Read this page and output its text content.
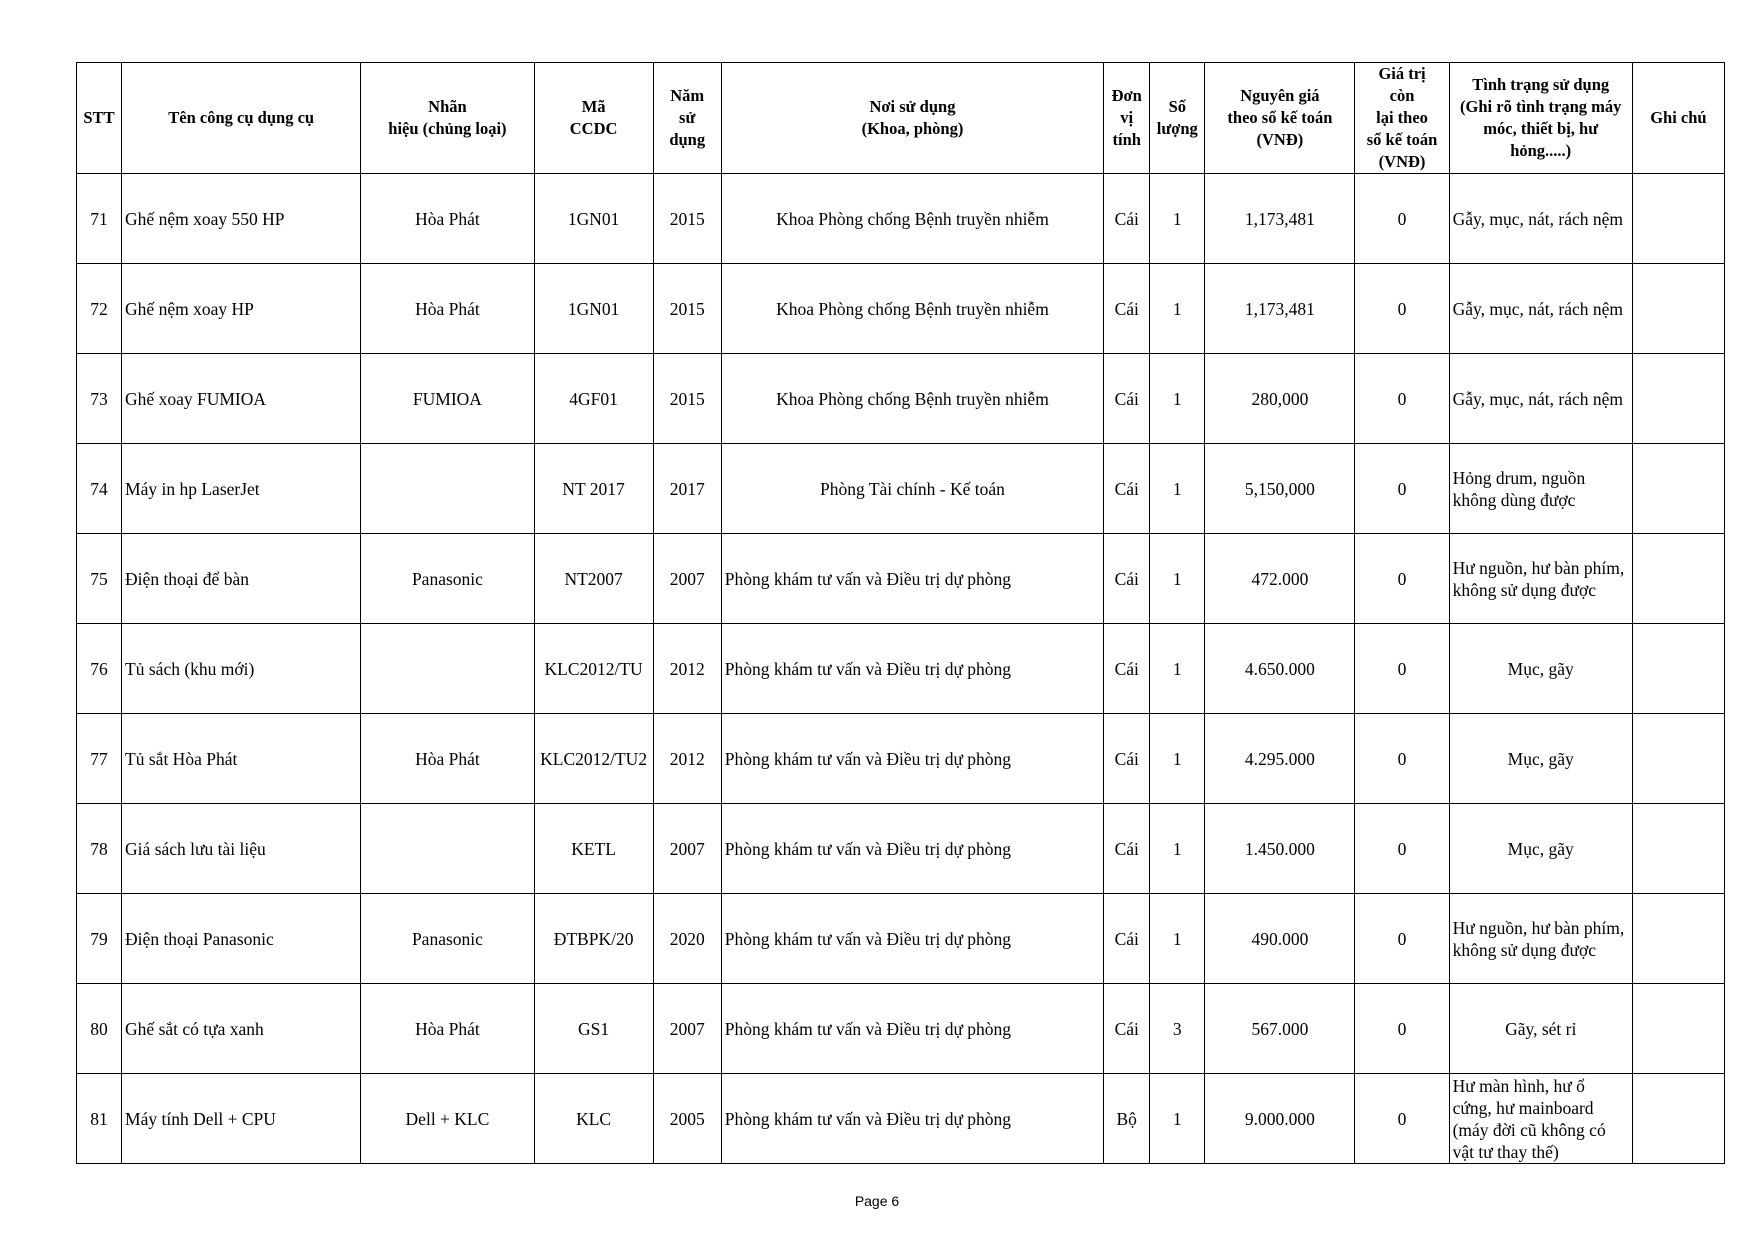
STT	Tên công cụ dụng cụ	Nhãn
hiệu (chủng loại)	Mã
CCDC	Năm
sử
dụng	Nơi sử dụng
(Khoa, phòng)	Đơn
vị
tính	Số
lượng	Nguyên giá
theo sổ kế toán
(VNĐ)	Giá trị
còn
lại theo
sổ kế toán
(VNĐ)	Tình trạng sử dụng
(Ghi rõ tình trạng máy
móc, thiết bị, hư
hỏng.....)	Ghi chú
71	Ghế nệm xoay 550 HP	Hòa Phát	1GN01	2015	Khoa Phòng chống Bệnh truyền nhiễm	Cái	1	1,173,481	0	Gẫy, mục, nát, rách nệm	
72	Ghế nệm xoay HP	Hòa Phát	1GN01	2015	Khoa Phòng chống Bệnh truyền nhiễm	Cái	1	1,173,481	0	Gẫy, mục, nát, rách nệm	
73	Ghế xoay FUMIOA	FUMIOA	4GF01	2015	Khoa Phòng chống Bệnh truyền nhiễm	Cái	1	280,000	0	Gẫy, mục, nát, rách nệm	
74	Máy in hp LaserJet		NT 2017	2017	Phòng Tài chính - Kế toán	Cái	1	5,150,000	0	Hỏng drum, nguồn
không dùng được	
75	Điện thoại để bàn	Panasonic	NT2007	2007	Phòng khám tư vấn và Điều trị dự phòng	Cái	1	472.000	0	Hư nguồn, hư bàn phím,
không sử dụng được	
76	Tủ sách (khu mới)		KLC2012/TU	2012	Phòng khám tư vấn và Điều trị dự phòng	Cái	1	4.650.000	0	Mục, gãy	
77	Tủ sắt Hòa Phát	Hòa Phát	KLC2012/TU2	2012	Phòng khám tư vấn và Điều trị dự phòng	Cái	1	4.295.000	0	Mục, gãy	
78	Giá sách lưu tài liệu		KETL	2007	Phòng khám tư vấn và Điều trị dự phòng	Cái	1	1.450.000	0	Mục, gãy	
79	Điện thoại Panasonic	Panasonic	ĐTBPK/20	2020	Phòng khám tư vấn và Điều trị dự phòng	Cái	1	490.000	0	Hư nguồn, hư bàn phím,
không sử dụng được	
80	Ghế sắt có tựa xanh	Hòa Phát	GS1	2007	Phòng khám tư vấn và Điều trị dự phòng	Cái	3	567.000	0	Gãy, sét rỉ	
81	Máy tính Dell + CPU	Dell + KLC	KLC	2005	Phòng khám tư vấn và Điều trị dự phòng	Bộ	1	9.000.000	0	Hư màn hình, hư ổ
cứng, hư mainboard
(máy đời cũ không có
vật tư thay thế)	
Page 6
